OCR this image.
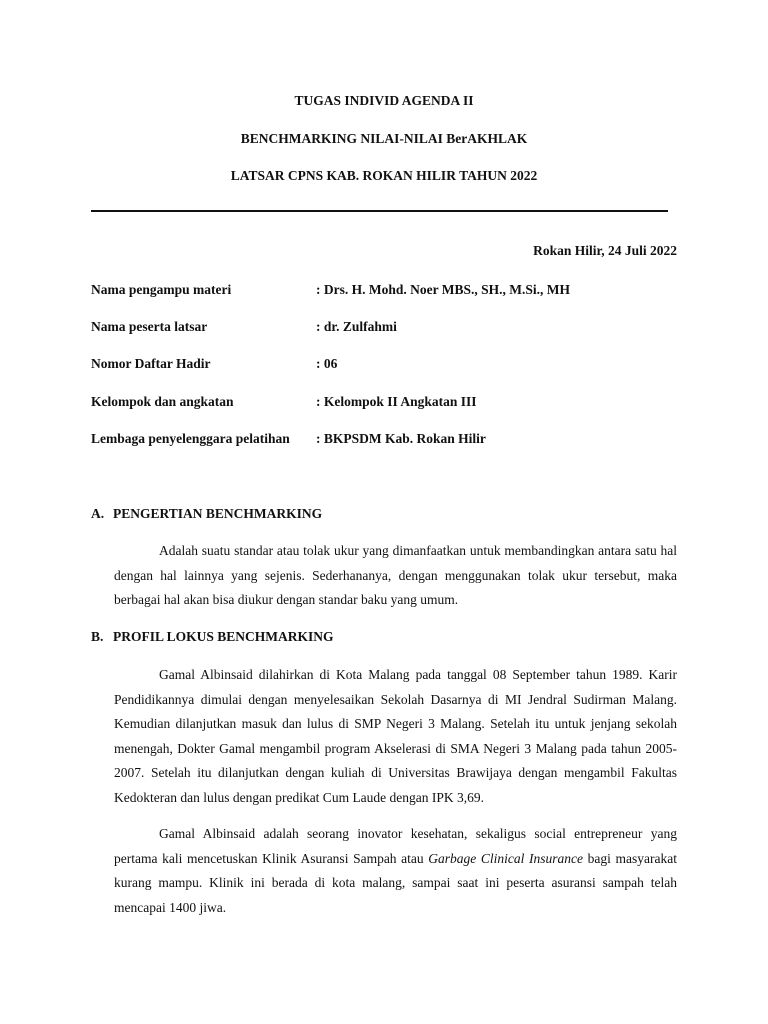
TUGAS INDIVID AGENDA II
BENCHMARKING NILAI-NILAI BerAKHLAK
LATSAR CPNS KAB. ROKAN HILIR TAHUN 2022
Rokan Hilir, 24 Juli 2022
Nama pengampu materi	: Drs. H. Mohd. Noer MBS., SH., M.Si., MH
Nama peserta latsar	: dr. Zulfahmi
Nomor Daftar Hadir	: 06
Kelompok dan angkatan	: Kelompok II Angkatan III
Lembaga penyelenggara pelatihan : BKPSDM Kab. Rokan Hilir
A. PENGERTIAN BENCHMARKING
Adalah suatu standar atau tolak ukur yang dimanfaatkan untuk membandingkan antara satu hal dengan hal lainnya yang sejenis. Sederhananya, dengan menggunakan tolak ukur tersebut, maka berbagai hal akan bisa diukur dengan standar baku yang umum.
B. PROFIL LOKUS BENCHMARKING
Gamal Albinsaid dilahirkan di Kota Malang pada tanggal 08 September tahun 1989. Karir Pendidikannya dimulai dengan menyelesaikan Sekolah Dasarnya di MI Jendral Sudirman Malang. Kemudian dilanjutkan masuk dan lulus di SMP Negeri 3 Malang. Setelah itu untuk jenjang sekolah menengah, Dokter Gamal mengambil program Akselerasi di SMA Negeri 3 Malang pada tahun 2005-2007. Setelah itu dilanjutkan dengan kuliah di Universitas Brawijaya dengan mengambil Fakultas Kedokteran dan lulus dengan predikat Cum Laude dengan IPK 3,69.
Gamal Albinsaid adalah seorang inovator kesehatan, sekaligus social entrepreneur yang pertama kali mencetuskan Klinik Asuransi Sampah atau Garbage Clinical Insurance bagi masyarakat kurang mampu. Klinik ini berada di kota malang, sampai saat ini peserta asuransi sampah telah mencapai 1400 jiwa.
